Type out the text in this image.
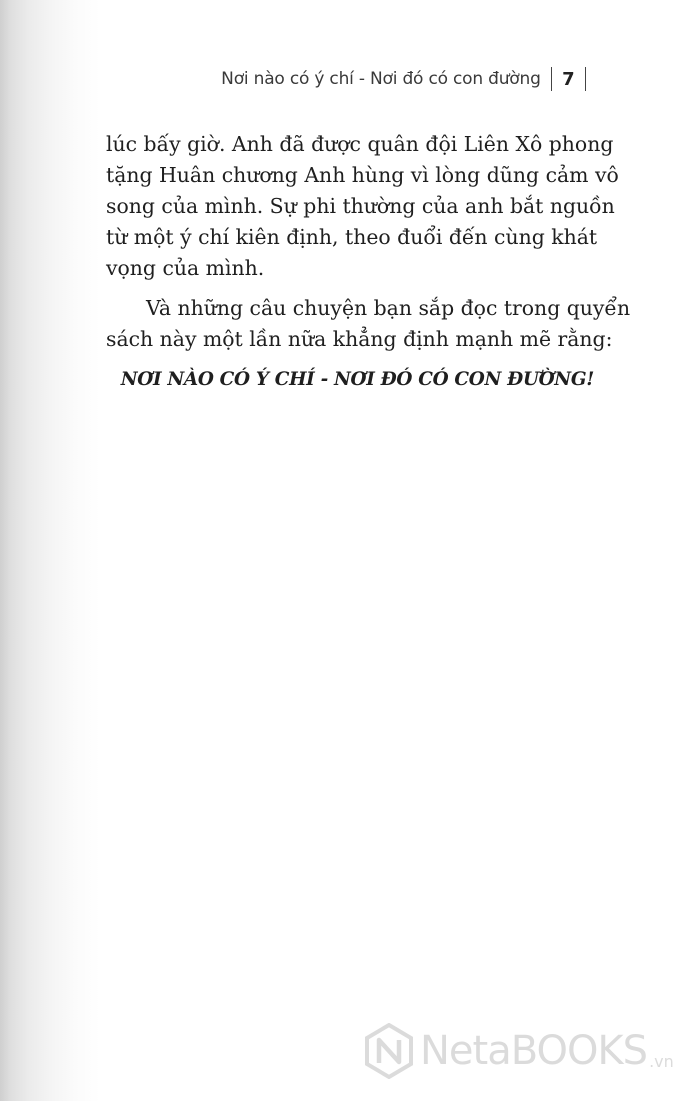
Nơi nào có ý chí - Nơi đó có con đường 7
lúc bấy giờ. Anh đã được quân đội Liên Xô phong
tặng Huân chương Anh hùng vì lòng dũng cảm vô
song của mình. Sự phi thường của anh bắt nguồn
từ một ý chí kiên định, theo đuổi đến cùng khát
vọng của mình.
Và những câu chuyện bạn sắp đọc trong quyển
sách này một lần nữa khẳng định mạnh mẽ rằng:
NƠI NÀO CÓ Ý CHÍ - NƠI ĐÓ CÓ CON ĐƯỜNG!
NetaBOOKS .vn
